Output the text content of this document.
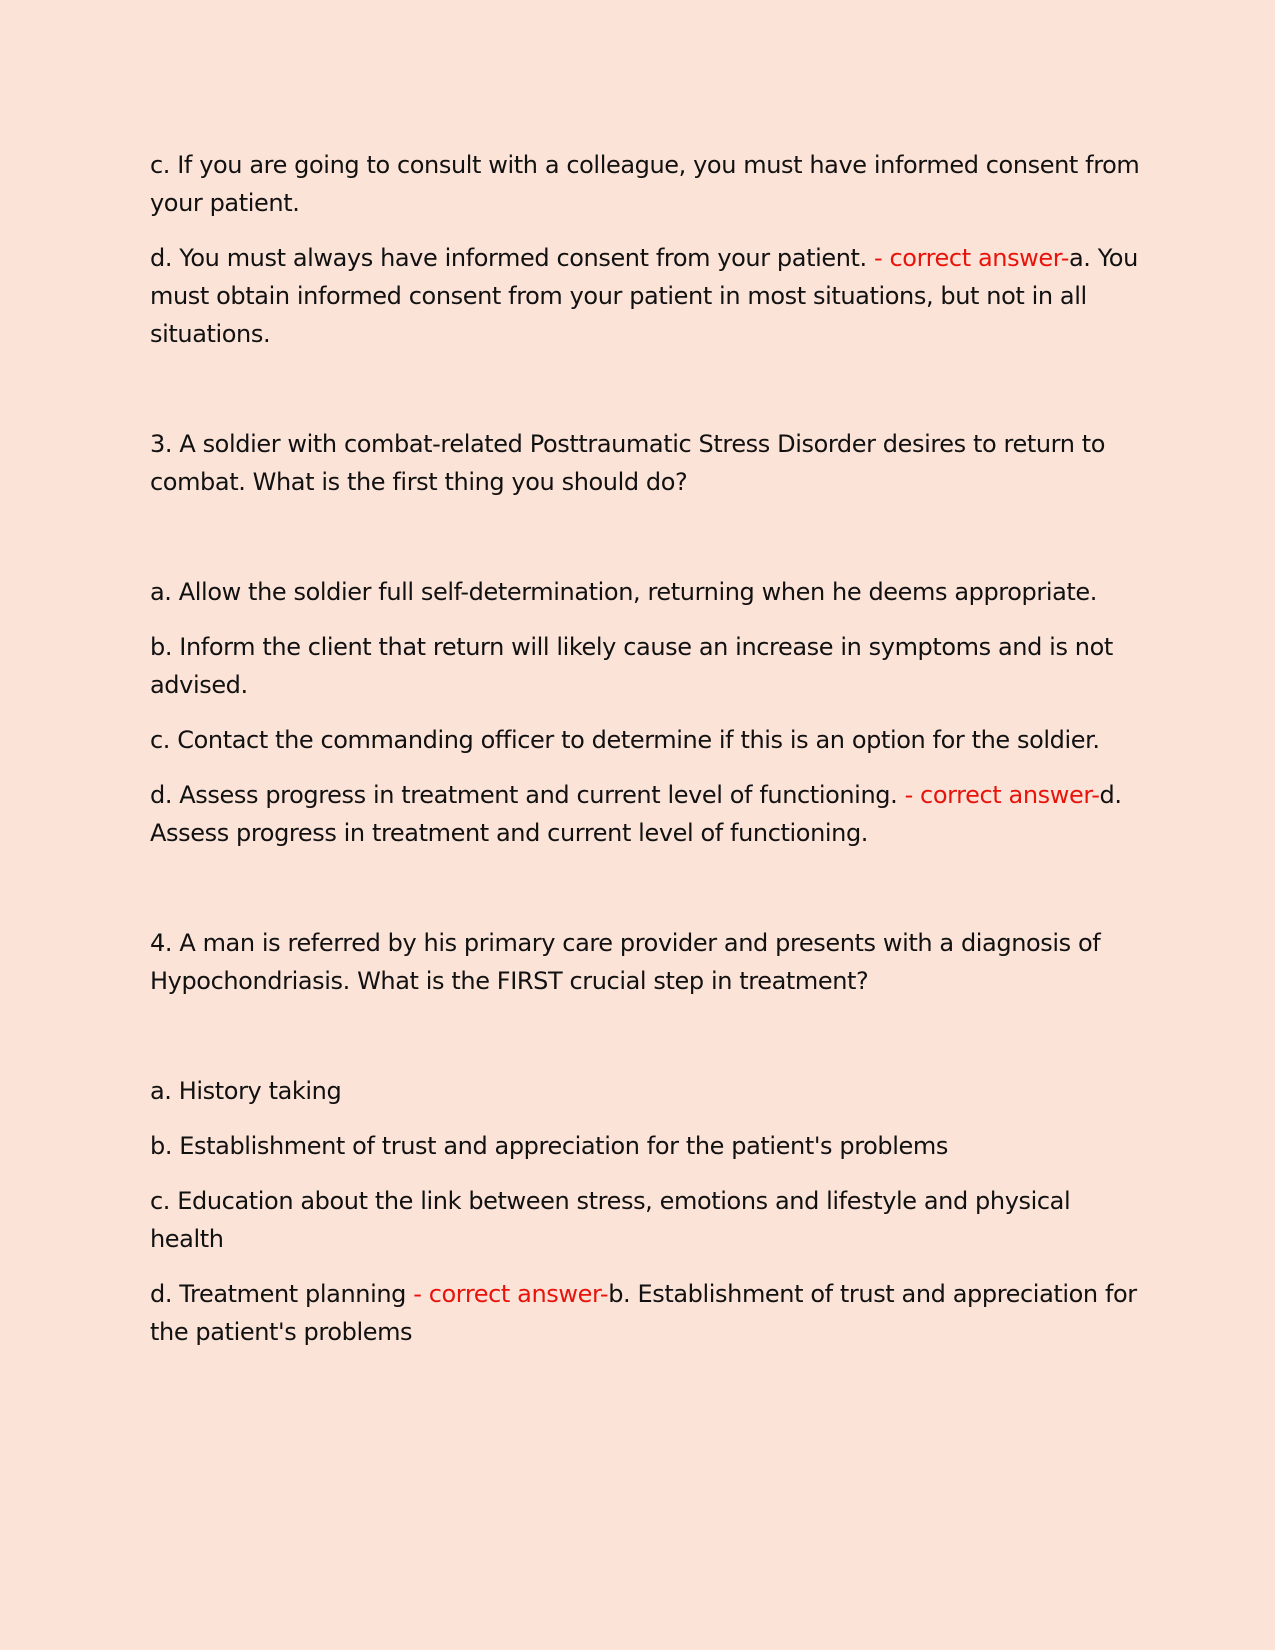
c. If you are going to consult with a colleague, you must have informed consent from your patient.

d. You must always have informed consent from your patient. - correct answer-a. You must obtain informed consent from your patient in most situations, but not in all situations.

3. A soldier with combat-related Posttraumatic Stress Disorder desires to return to combat. What is the first thing you should do?

a. Allow the soldier full self-determination, returning when he deems appropriate.

b. Inform the client that return will likely cause an increase in symptoms and is not advised.

c. Contact the commanding officer to determine if this is an option for the soldier.

d. Assess progress in treatment and current level of functioning. - correct answer-d. Assess progress in treatment and current level of functioning.

4. A man is referred by his primary care provider and presents with a diagnosis of Hypochondriasis. What is the FIRST crucial step in treatment?

a. History taking

b. Establishment of trust and appreciation for the patient's problems

c. Education about the link between stress, emotions and lifestyle and physical health

d. Treatment planning - correct answer-b. Establishment of trust and appreciation for the patient's problems
